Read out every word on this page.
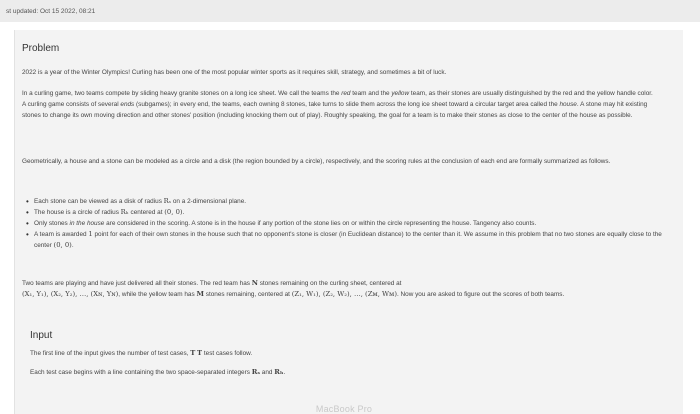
st updated: Oct 15 2022, 08:21
Problem

2022 is a year of the Winter Olympics! Curling has been one of the most popular winter sports as it requires skill, strategy, and sometimes a bit of luck.

In a curling game, two teams compete by sliding heavy granite stones on a long ice sheet. We call the teams the red team and the yellow team, as their stones are usually distinguished by the red and the yellow handle color. A curling game consists of several ends (subgames); in every end, the teams, each owning 8 stones, take turns to slide them across the long ice sheet toward a circular target area called the house. A stone may hit existing stones to change its own moving direction and other stones' position (including knocking them out of play). Roughly speaking, the goal for a team is to make their stones as close to the center of the house as possible.

Geometrically, a house and a stone can be modeled as a circle and a disk (the region bounded by a circle), respectively, and the scoring rules at the conclusion of each end are formally summarized as follows.

• Each stone can be viewed as a disk of radius Rₛ on a 2-dimensional plane.
• The house is a circle of radius Rₕ centered at (0, 0).
• Only stones in the house are considered in the scoring. A stone is in the house if any portion of the stone lies on or within the circle representing the house. Tangency also counts.
• A team is awarded 1 point for each of their own stones in the house such that no opponent's stone is closer (in Euclidean distance) to the center than it. We assume in this problem that no two stones are equally close to the center (0, 0).

Two teams are playing and have just delivered all their stones. The red team has N stones remaining on the curling sheet, centered at
(X₁, Y₁), (X₂, Y₂), …, (Xɴ, Yɴ), while the yellow team has M stones remaining, centered at (Z₁, W₁), (Z₂, W₂), …, (Zᴍ, Wᴍ). Now you are asked to figure out the scores of both teams.

Input

The first line of the input gives the number of test cases, T T test cases follow.

Each test case begins with a line containing the two space-separated integers Rₛ and Rₕ.

MacBook Pro
